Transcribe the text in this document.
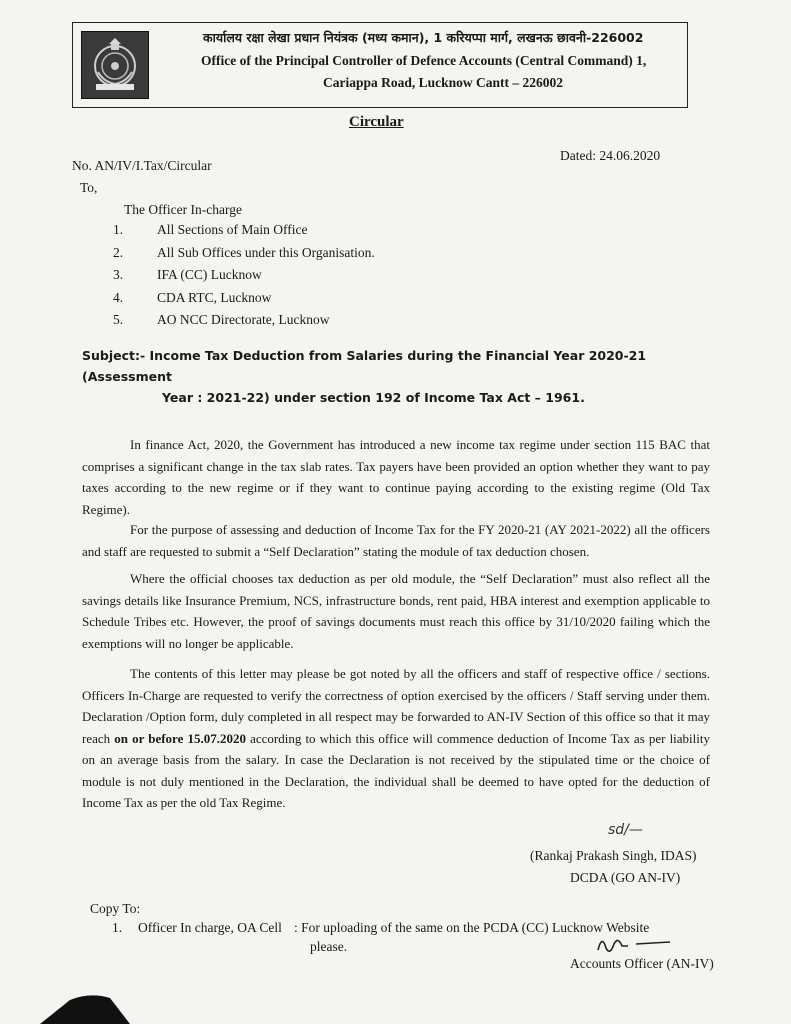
कार्यालय रक्षा लेखा प्रधान नियंत्रक (मध्य कमान), 1 करियप्पा मार्ग, लखनऊ छावनी-226002
Office of the Principal Controller of Defence Accounts (Central Command) 1,
Cariappa Road, Lucknow Cantt – 226002
Circular
Dated: 24.06.2020
No. AN/IV/I.Tax/Circular
To,
The Officer In-charge
1.	All Sections of Main Office
2.	All Sub Offices under this Organisation.
3.	IFA (CC) Lucknow
4.	CDA RTC, Lucknow
5.	AO NCC Directorate, Lucknow
Subject:- Income Tax Deduction from Salaries during the Financial Year 2020-21 (Assessment
Year : 2021-22) under section 192 of Income Tax Act – 1961.

In finance Act, 2020, the Government has introduced a new income tax regime under section 115 BAC that comprises a significant change in the tax slab rates. Tax payers have been provided an option whether they want to pay taxes according to the new regime or if they want to continue paying according to the existing regime (Old Tax Regime).

For the purpose of assessing and deduction of Income Tax for the FY 2020-21 (AY 2021-2022) all the officers and staff are requested to submit a “Self Declaration” stating the module of tax deduction chosen.

Where the official chooses tax deduction as per old module, the “Self Declaration” must also reflect all the savings details like Insurance Premium, NCS, infrastructure bonds, rent paid, HBA interest and exemption applicable to Schedule Tribes etc. However, the proof of savings documents must reach this office by 31/10/2020 failing which the exemptions will no longer be applicable.

The contents of this letter may please be got noted by all the officers and staff of respective office / sections. Officers In-Charge are requested to verify the correctness of option exercised by the officers / Staff serving under them. Declaration /Option form, duly completed in all respect may be forwarded to AN-IV Section of this office so that it may reach on or before 15.07.2020 according to which this office will commence deduction of Income Tax as per liability on an average basis from the salary. In case the Declaration is not received by the stipulated time or the choice of module is not duly mentioned in the Declaration, the individual shall be deemed to have opted for the deduction of Income Tax as per the old Tax Regime.

sd/—
(Rankaj Prakash Singh, IDAS)
DCDA (GO AN-IV)
Copy To:
1. Officer In charge, OA Cell : For uploading of the same on the PCDA (CC) Lucknow Website
please.
Accounts Officer (AN-IV)
